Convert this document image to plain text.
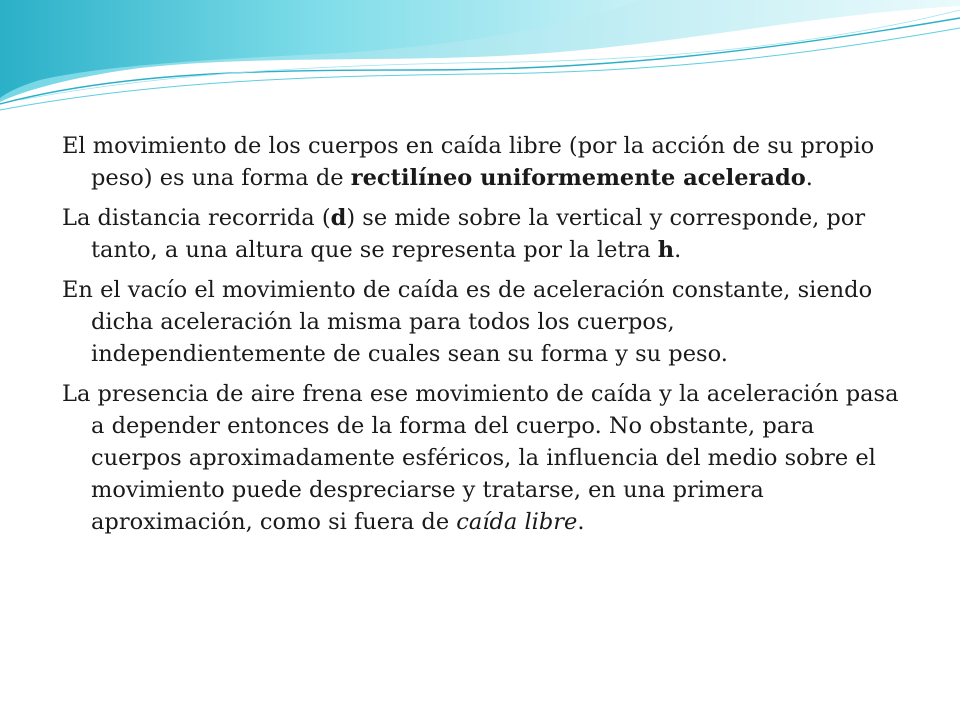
El movimiento de los cuerpos en caída libre (por la acción de su propio peso) es una forma de rectilíneo uniformemente acelerado.

La distancia recorrida (d) se mide sobre la vertical y corresponde, por tanto, a una altura que se representa por la letra h.

En el vacío el movimiento de caída es de aceleración constante, siendo dicha aceleración la misma para todos los cuerpos, independientemente de cuales sean su forma y su peso.

La presencia de aire frena ese movimiento de caída y la aceleración pasa a depender entonces de la forma del cuerpo. No obstante, para cuerpos aproximadamente esféricos, la influencia del medio sobre el movimiento puede despreciarse y tratarse, en una primera aproximación, como si fuera de caída libre.
